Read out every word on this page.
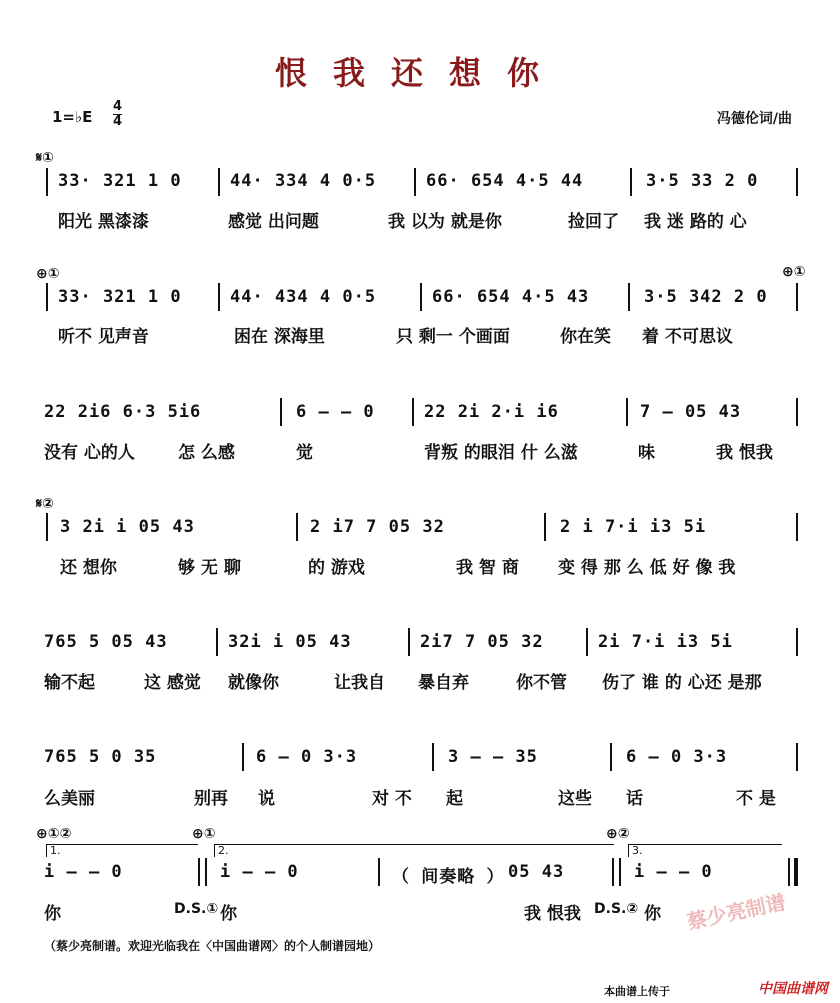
恨我还想你
1=♭E
4
4	冯德伦词/曲
𝄋①
33· 321 1 0	44· 334 4 0·5	66· 654 4·5 44	3·5 33 2 0
阳光 黑漆漆	感觉 出问题	我 以为 就是你	捡回了 我 迷 路的 心
⊕①	⊕①
33· 321 1 0	44· 434 4 0·5	66· 654 4·5 43	3·5 342 2 0
听不 见声音	困在 深海里	只 剩一 个画面	你在笑 着 不可思议
22 2i6 6·3 5i6	6 – – 0	22 2i 2·i i6	7 – 05 43
没有 心的人	怎 么感	觉	背叛 的眼泪 什 么滋	味	我 恨我
𝄋②
3 2i i 05 43	2 i7 7 05 32	2 i 7·i i3 5i
还 想你	够 无 聊	的 游戏	我 智 商 变 得 那 么 低 好 像 我
765 5 05 43	32i i 05 43	2i7 7 05 32	2i 7·i i3 5i
输不起	这 感觉 就像你	让我自 暴自弃	你不管 伤了 谁 的 心还 是那
765 5 0 35	6 – 0 3·3	3 – – 35	6 – 0 3·3
么美丽	别再 说	对 不 起	这些 话	不 是
⊕①②	⊕①	⊕②
1.	2.	3.
i – – 0	i – – 0	（ 间奏略 ） 05 43	i – – 0
你	D.S.① 你	我 恨我 D.S.② 你 蔡少亮制谱
（蔡少亮制谱。欢迎光临我在〈中国曲谱网〉的个人制谱园地）
本曲谱上传于	中国曲谱网
